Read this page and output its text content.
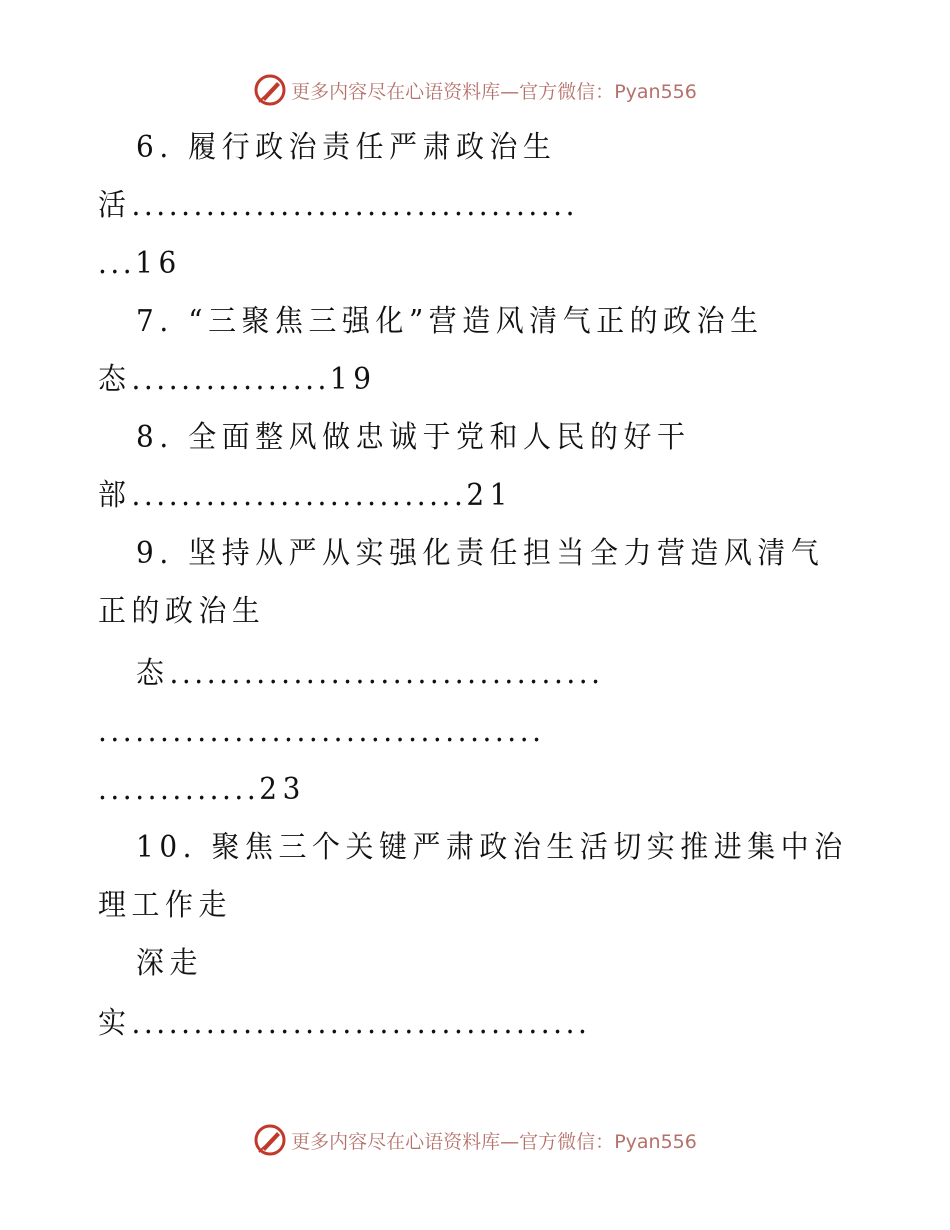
更多内容尽在心语资料库—官方微信：Pyan556
6. 履行政治责任严肃政治生
活....................................
...16
7. “三聚焦三强化”营造风清气正的政治生
态................19
8. 全面整风做忠诚于党和人民的好干
部...........................21
9. 坚持从严从实强化责任担当全力营造风清气
正的政治生
态...................................
....................................
.............23
10. 聚焦三个关键严肃政治生活切实推进集中治
理工作走
深走
实.....................................
更多内容尽在心语资料库—官方微信：Pyan556
